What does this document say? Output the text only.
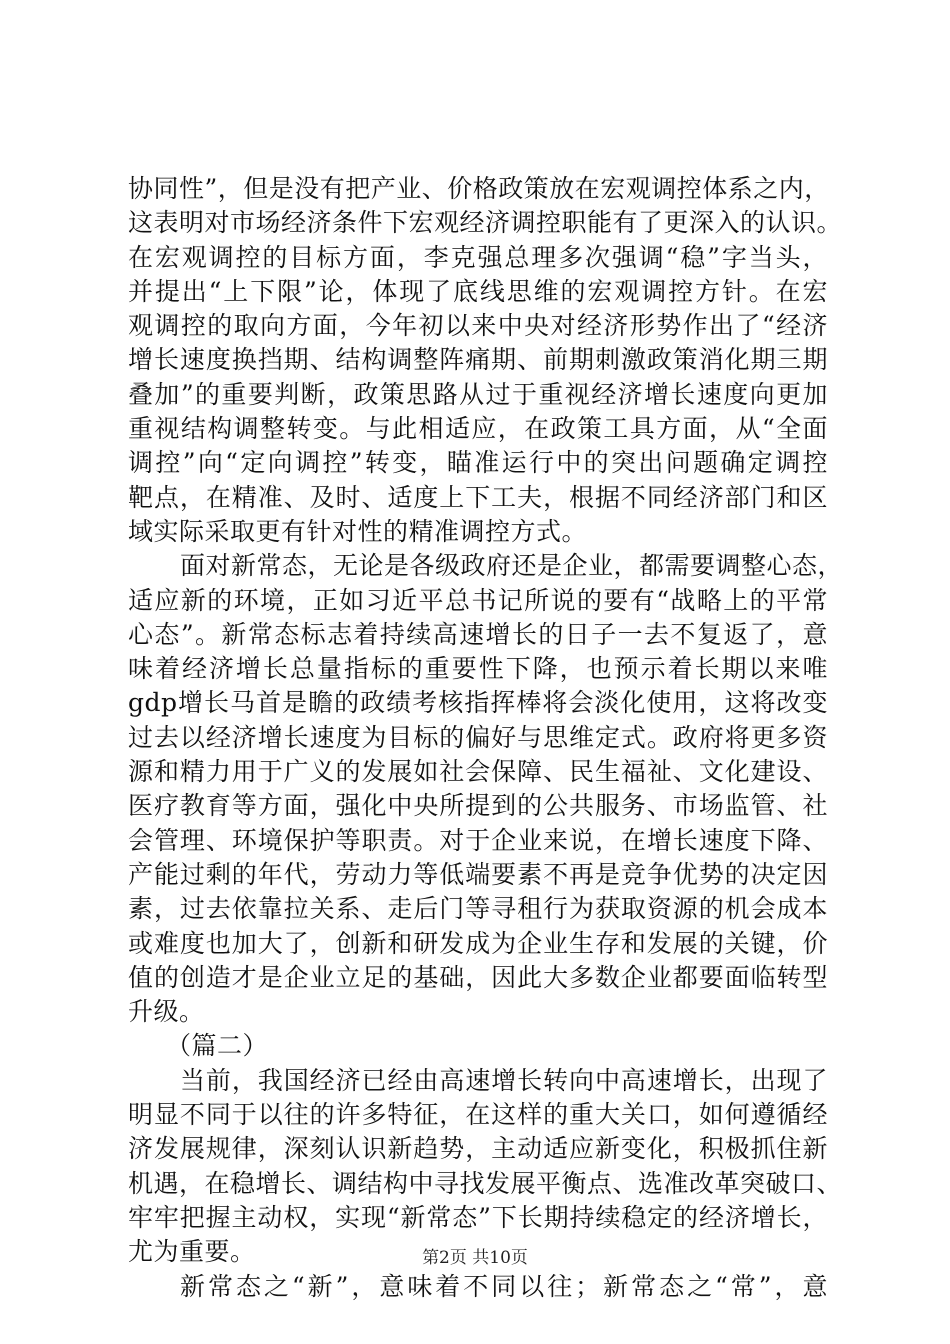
协同性”，但是没有把产业、价格政策放在宏观调控体系之内，
这表明对市场经济条件下宏观经济调控职能有了更深入的认识。
在宏观调控的目标方面，李克强总理多次强调“稳”字当头，
并提出“上下限”论，体现了底线思维的宏观调控方针。在宏
观调控的取向方面，今年初以来中央对经济形势作出了“经济
增长速度换挡期、结构调整阵痛期、前期刺激政策消化期三期
叠加”的重要判断，政策思路从过于重视经济增长速度向更加
重视结构调整转变。与此相适应，在政策工具方面，从“全面
调控”向“定向调控”转变，瞄准运行中的突出问题确定调控
靶点，在精准、及时、适度上下工夫，根据不同经济部门和区
域实际采取更有针对性的精准调控方式。
面对新常态，无论是各级政府还是企业，都需要调整心态，
适应新的环境，正如习近平总书记所说的要有“战略上的平常
心态”。新常态标志着持续高速增长的日子一去不复返了，意
味着经济增长总量指标的重要性下降，也预示着长期以来唯
gdp增长马首是瞻的政绩考核指挥棒将会淡化使用，这将改变
过去以经济增长速度为目标的偏好与思维定式。政府将更多资
源和精力用于广义的发展如社会保障、民生福祉、文化建设、
医疗教育等方面，强化中央所提到的公共服务、市场监管、社
会管理、环境保护等职责。对于企业来说，在增长速度下降、
产能过剩的年代，劳动力等低端要素不再是竞争优势的决定因
素，过去依靠拉关系、走后门等寻租行为获取资源的机会成本
或难度也加大了，创新和研发成为企业生存和发展的关键，价
值的创造才是企业立足的基础，因此大多数企业都要面临转型
升级。
（篇二）
当前，我国经济已经由高速增长转向中高速增长，出现了
明显不同于以往的许多特征，在这样的重大关口，如何遵循经
济发展规律，深刻认识新趋势，主动适应新变化，积极抓住新
机遇，在稳增长、调结构中寻找发展平衡点、选准改革突破口、
牢牢把握主动权，实现“新常态”下长期持续稳定的经济增长，
尤为重要。
新常态之“新”，意味着不同以往；新常态之“常”，意
第2页 共10页
